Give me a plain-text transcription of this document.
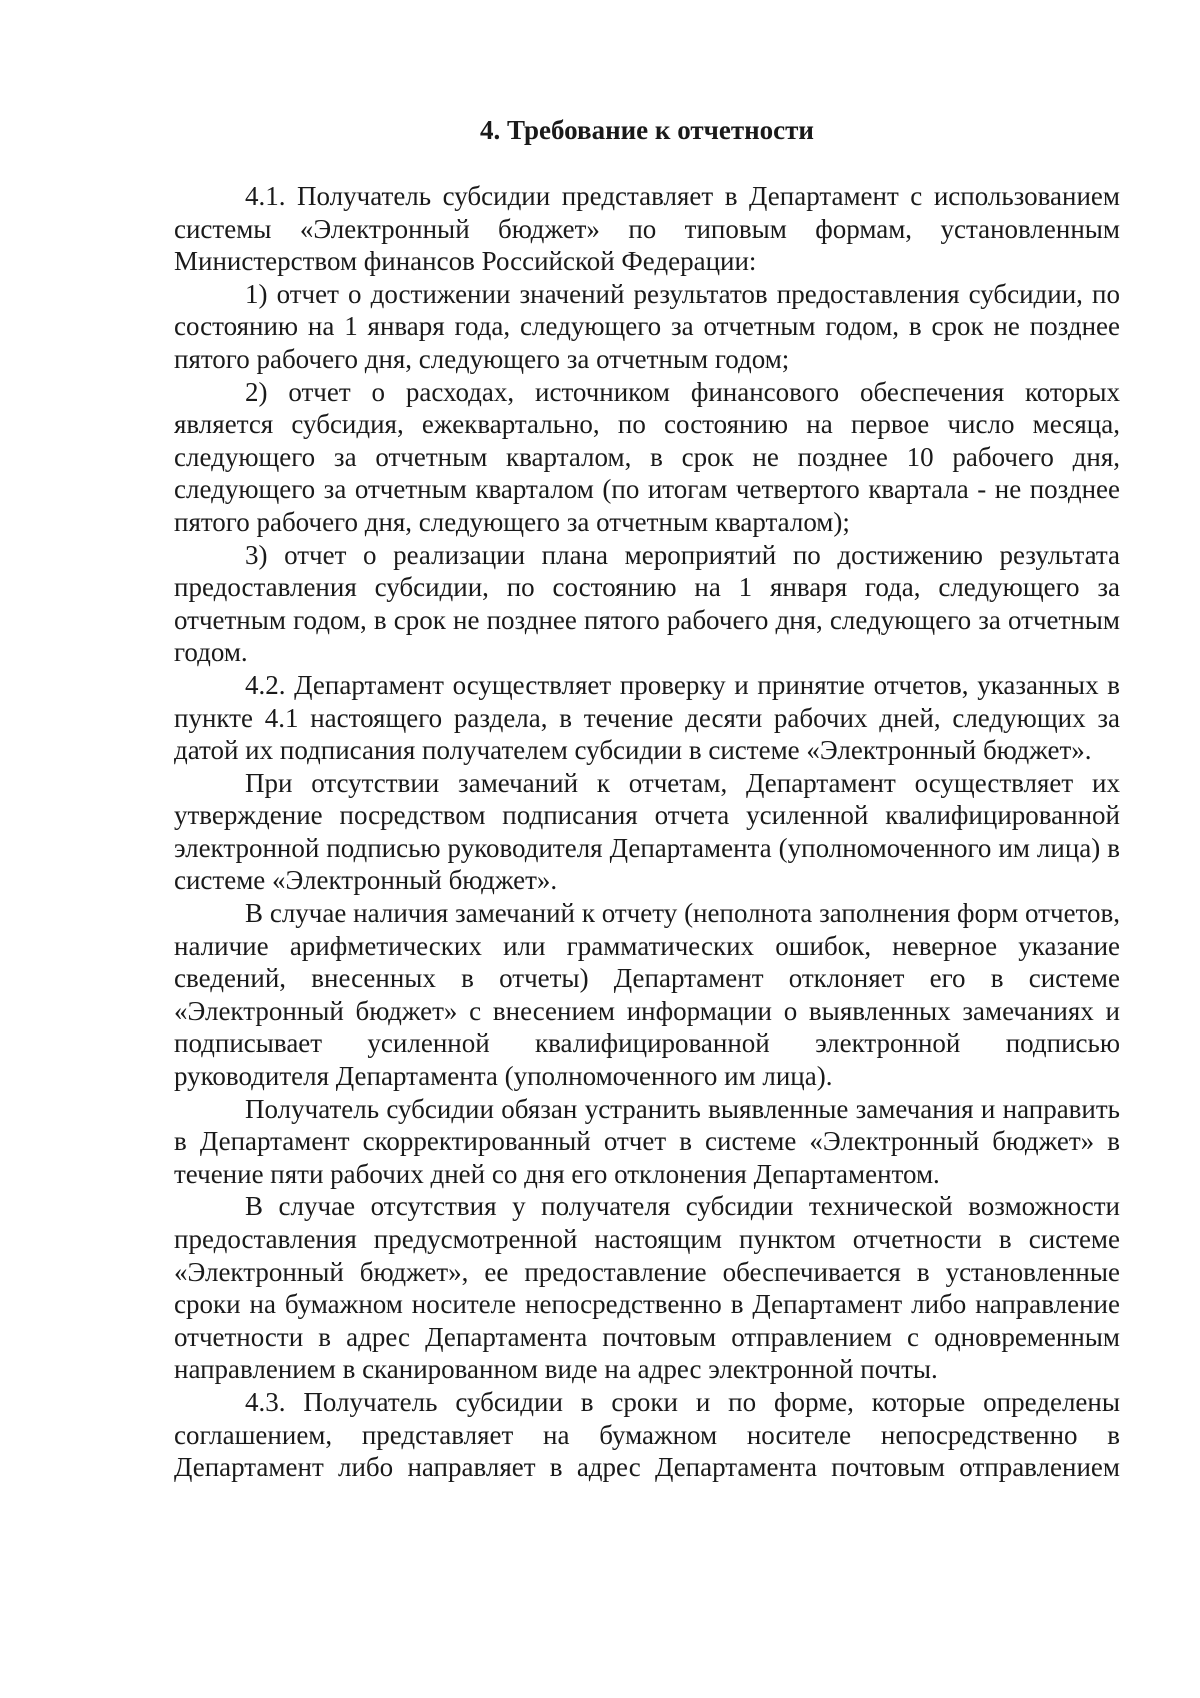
4. Требование к отчетности

4.1. Получатель субсидии представляет в Департамент с использованием системы «Электронный бюджет» по типовым формам, установленным Министерством финансов Российской Федерации:

1) отчет о достижении значений результатов предоставления субсидии, по состоянию на 1 января года, следующего за отчетным годом, в срок не позднее пятого рабочего дня, следующего за отчетным годом;

2) отчет о расходах, источником финансового обеспечения которых является субсидия, ежеквартально, по состоянию на первое число месяца, следующего за отчетным кварталом, в срок не позднее 10 рабочего дня, следующего за отчетным кварталом (по итогам четвертого квартала - не позднее пятого рабочего дня, следующего за отчетным кварталом);

3) отчет о реализации плана мероприятий по достижению результата предоставления субсидии, по состоянию на 1 января года, следующего за отчетным годом, в срок не позднее пятого рабочего дня, следующего за отчетным годом.

4.2. Департамент осуществляет проверку и принятие отчетов, указанных в пункте 4.1 настоящего раздела, в течение десяти рабочих дней, следующих за датой их подписания получателем субсидии в системе «Электронный бюджет».

При отсутствии замечаний к отчетам, Департамент осуществляет их утверждение посредством подписания отчета усиленной квалифицированной электронной подписью руководителя Департамента (уполномоченного им лица) в системе «Электронный бюджет».

В случае наличия замечаний к отчету (неполнота заполнения форм отчетов, наличие арифметических или грамматических ошибок, неверное указание сведений, внесенных в отчеты) Департамент отклоняет его в системе «Электронный бюджет» с внесением информации о выявленных замечаниях и подписывает усиленной квалифицированной электронной подписью руководителя Департамента (уполномоченного им лица).

Получатель субсидии обязан устранить выявленные замечания и направить в Департамент скорректированный отчет в системе «Электронный бюджет» в течение пяти рабочих дней со дня его отклонения Департаментом.

В случае отсутствия у получателя субсидии технической возможности предоставления предусмотренной настоящим пунктом отчетности в системе «Электронный бюджет», ее предоставление обеспечивается в установленные сроки на бумажном носителе непосредственно в Департамент либо направление отчетности в адрес Департамента почтовым отправлением с одновременным направлением в сканированном виде на адрес электронной почты.

4.3. Получатель субсидии в сроки и по форме, которые определены соглашением, представляет на бумажном носителе непосредственно в Департамент либо направляет в адрес Департамента почтовым отправлением
